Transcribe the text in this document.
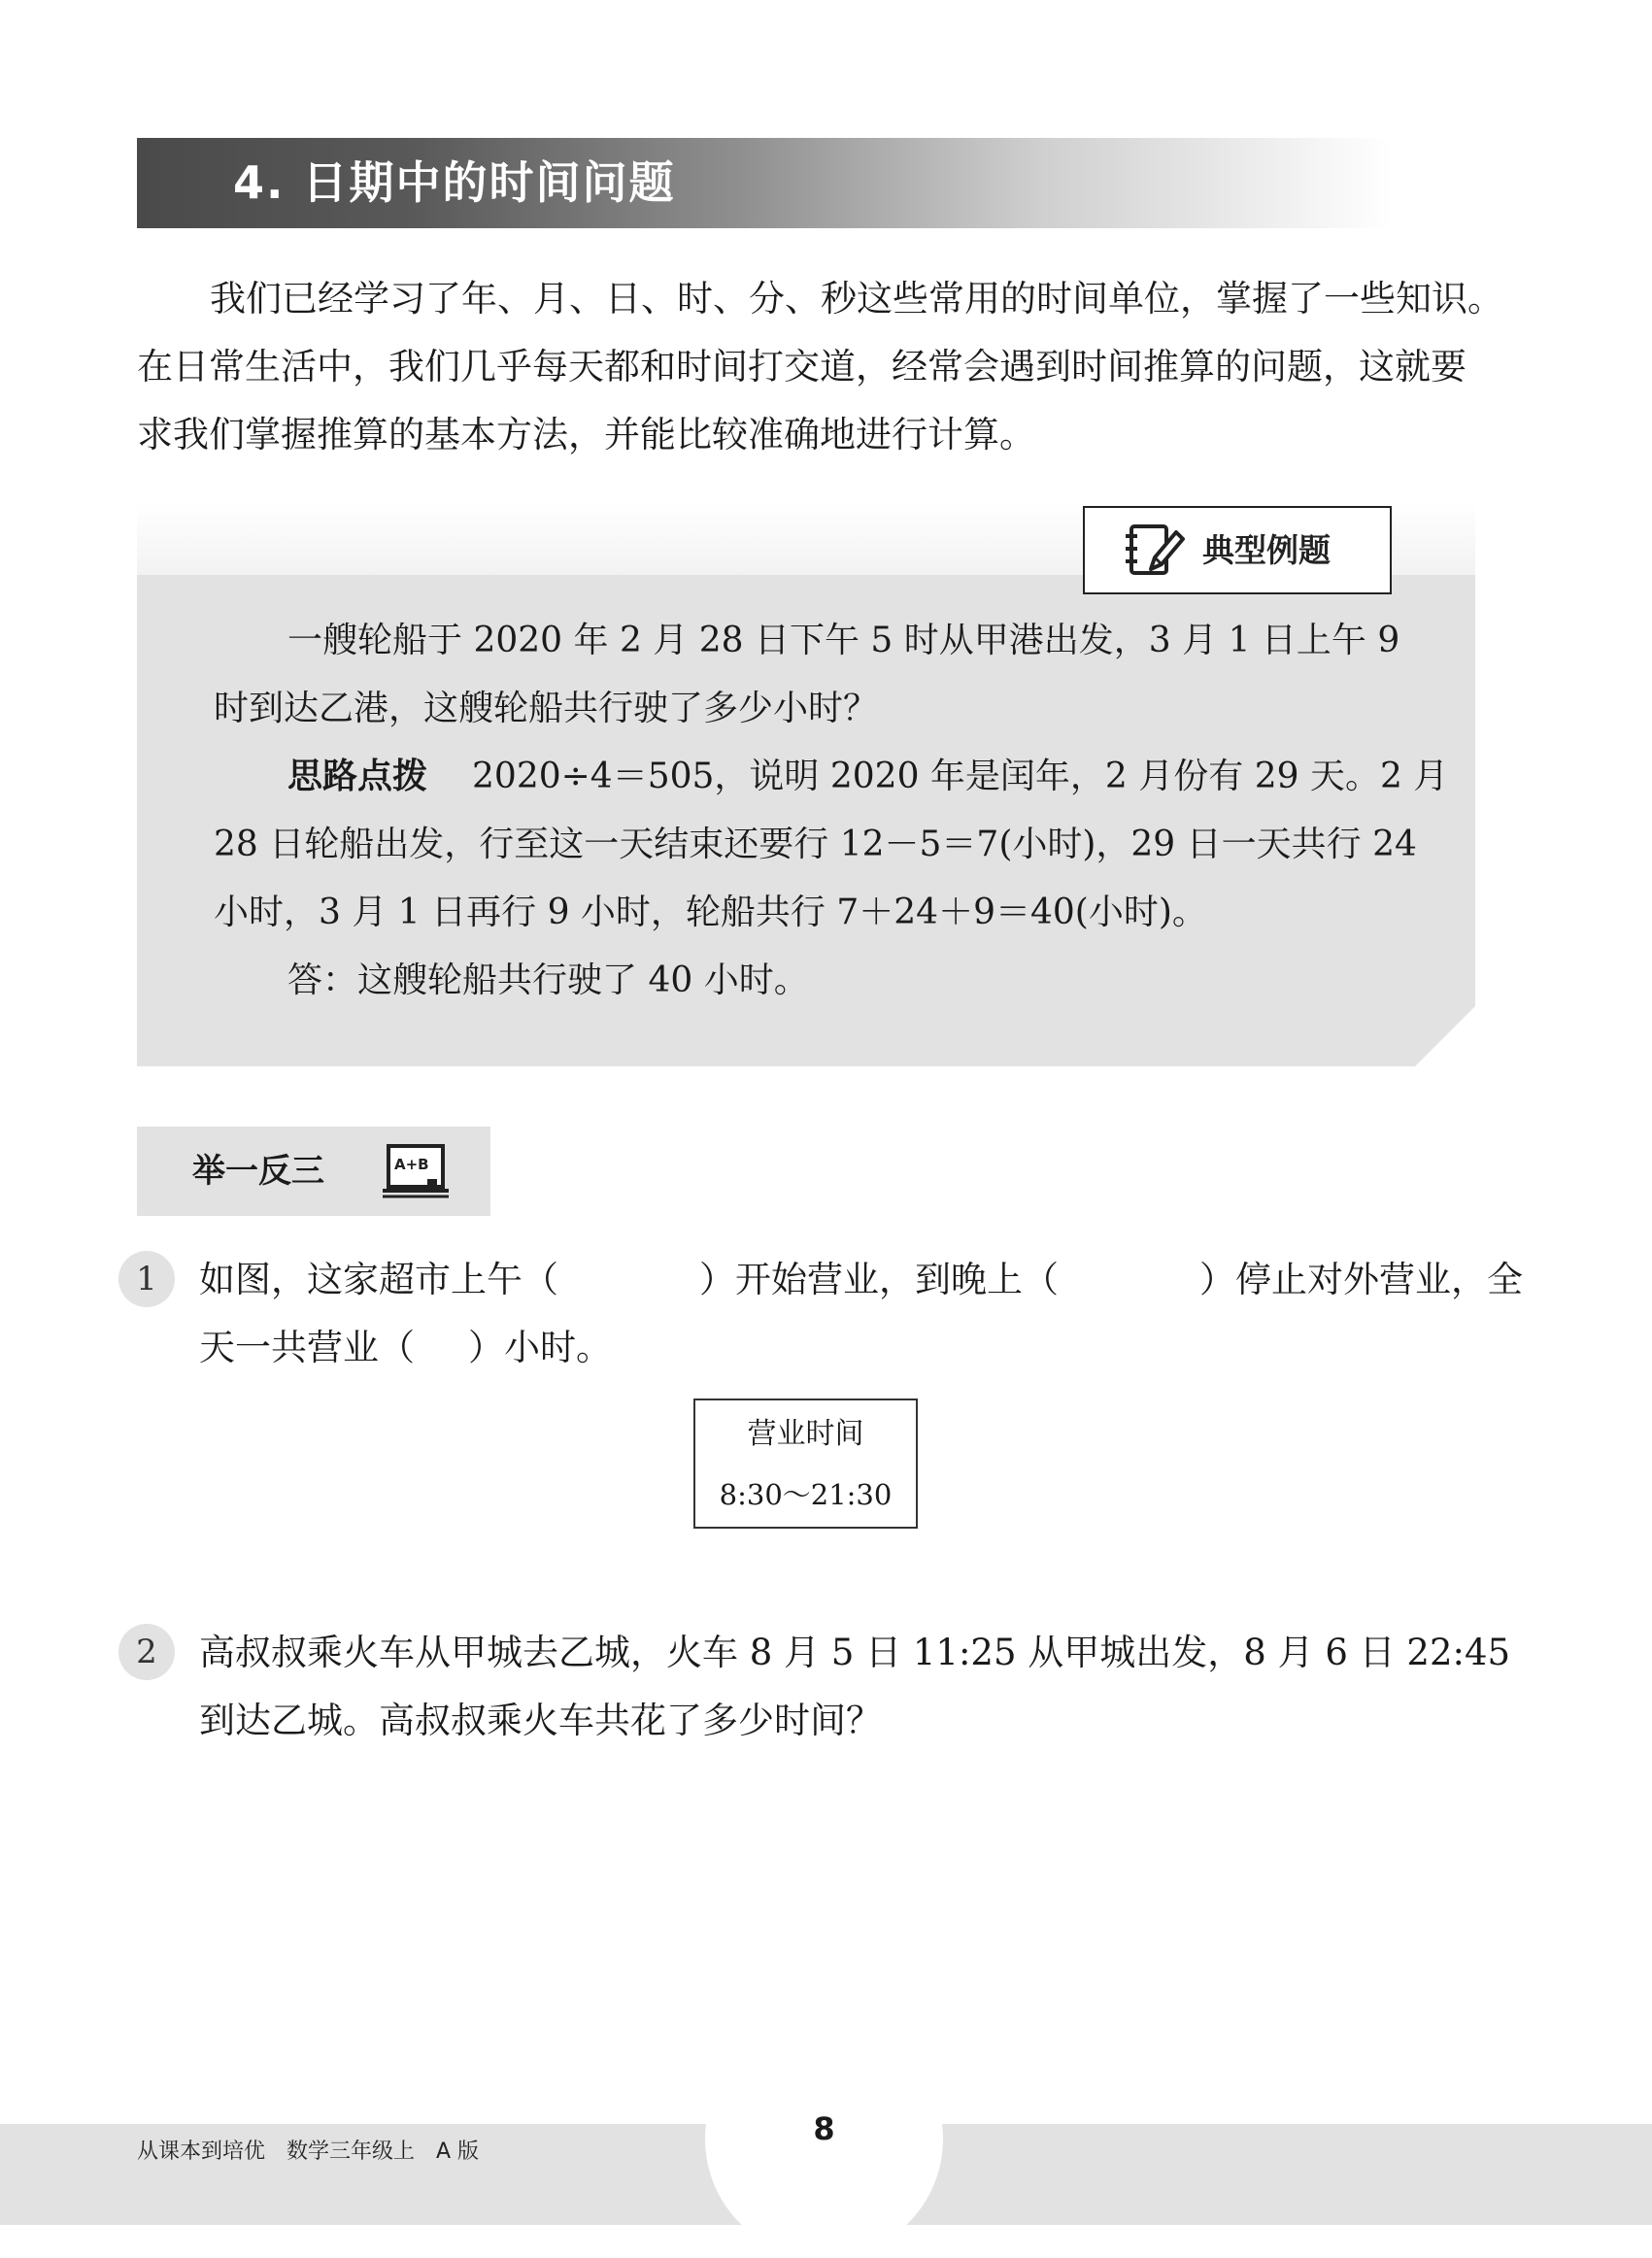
4. 日期中的时间问题
我们已经学习了年、月、日、时、分、秒这些常用的时间单位，掌握了一些知识。
在日常生活中，我们几乎每天都和时间打交道，经常会遇到时间推算的问题，这就要
求我们掌握推算的基本方法，并能比较准确地进行计算。
典型例题
一艘轮船于 2020 年 2 月 28 日下午 5 时从甲港出发，3 月 1 日上午 9
时到达乙港，这艘轮船共行驶了多少小时？
思路点拨 2020÷4＝505，说明 2020 年是闰年，2 月份有 29 天。2 月
28 日轮船出发，行至这一天结束还要行 12－5＝7(小时)，29 日一天共行 24
小时，3 月 1 日再行 9 小时，轮船共行 7＋24＋9＝40(小时)。
答：这艘轮船共行驶了 40 小时。
举一反三	A+B
1	如图，这家超市上午（	）开始营业，到晚上（	）停止对外营业，全
天一共营业（ ）小时。
营业时间
8:30～21:30
2	高叔叔乘火车从甲城去乙城，火车 8 月 5 日 11:25 从甲城出发，8 月 6 日 22:45
到达乙城。高叔叔乘火车共花了多少时间？
从课本到培优　数学三年级上　A 版
8
